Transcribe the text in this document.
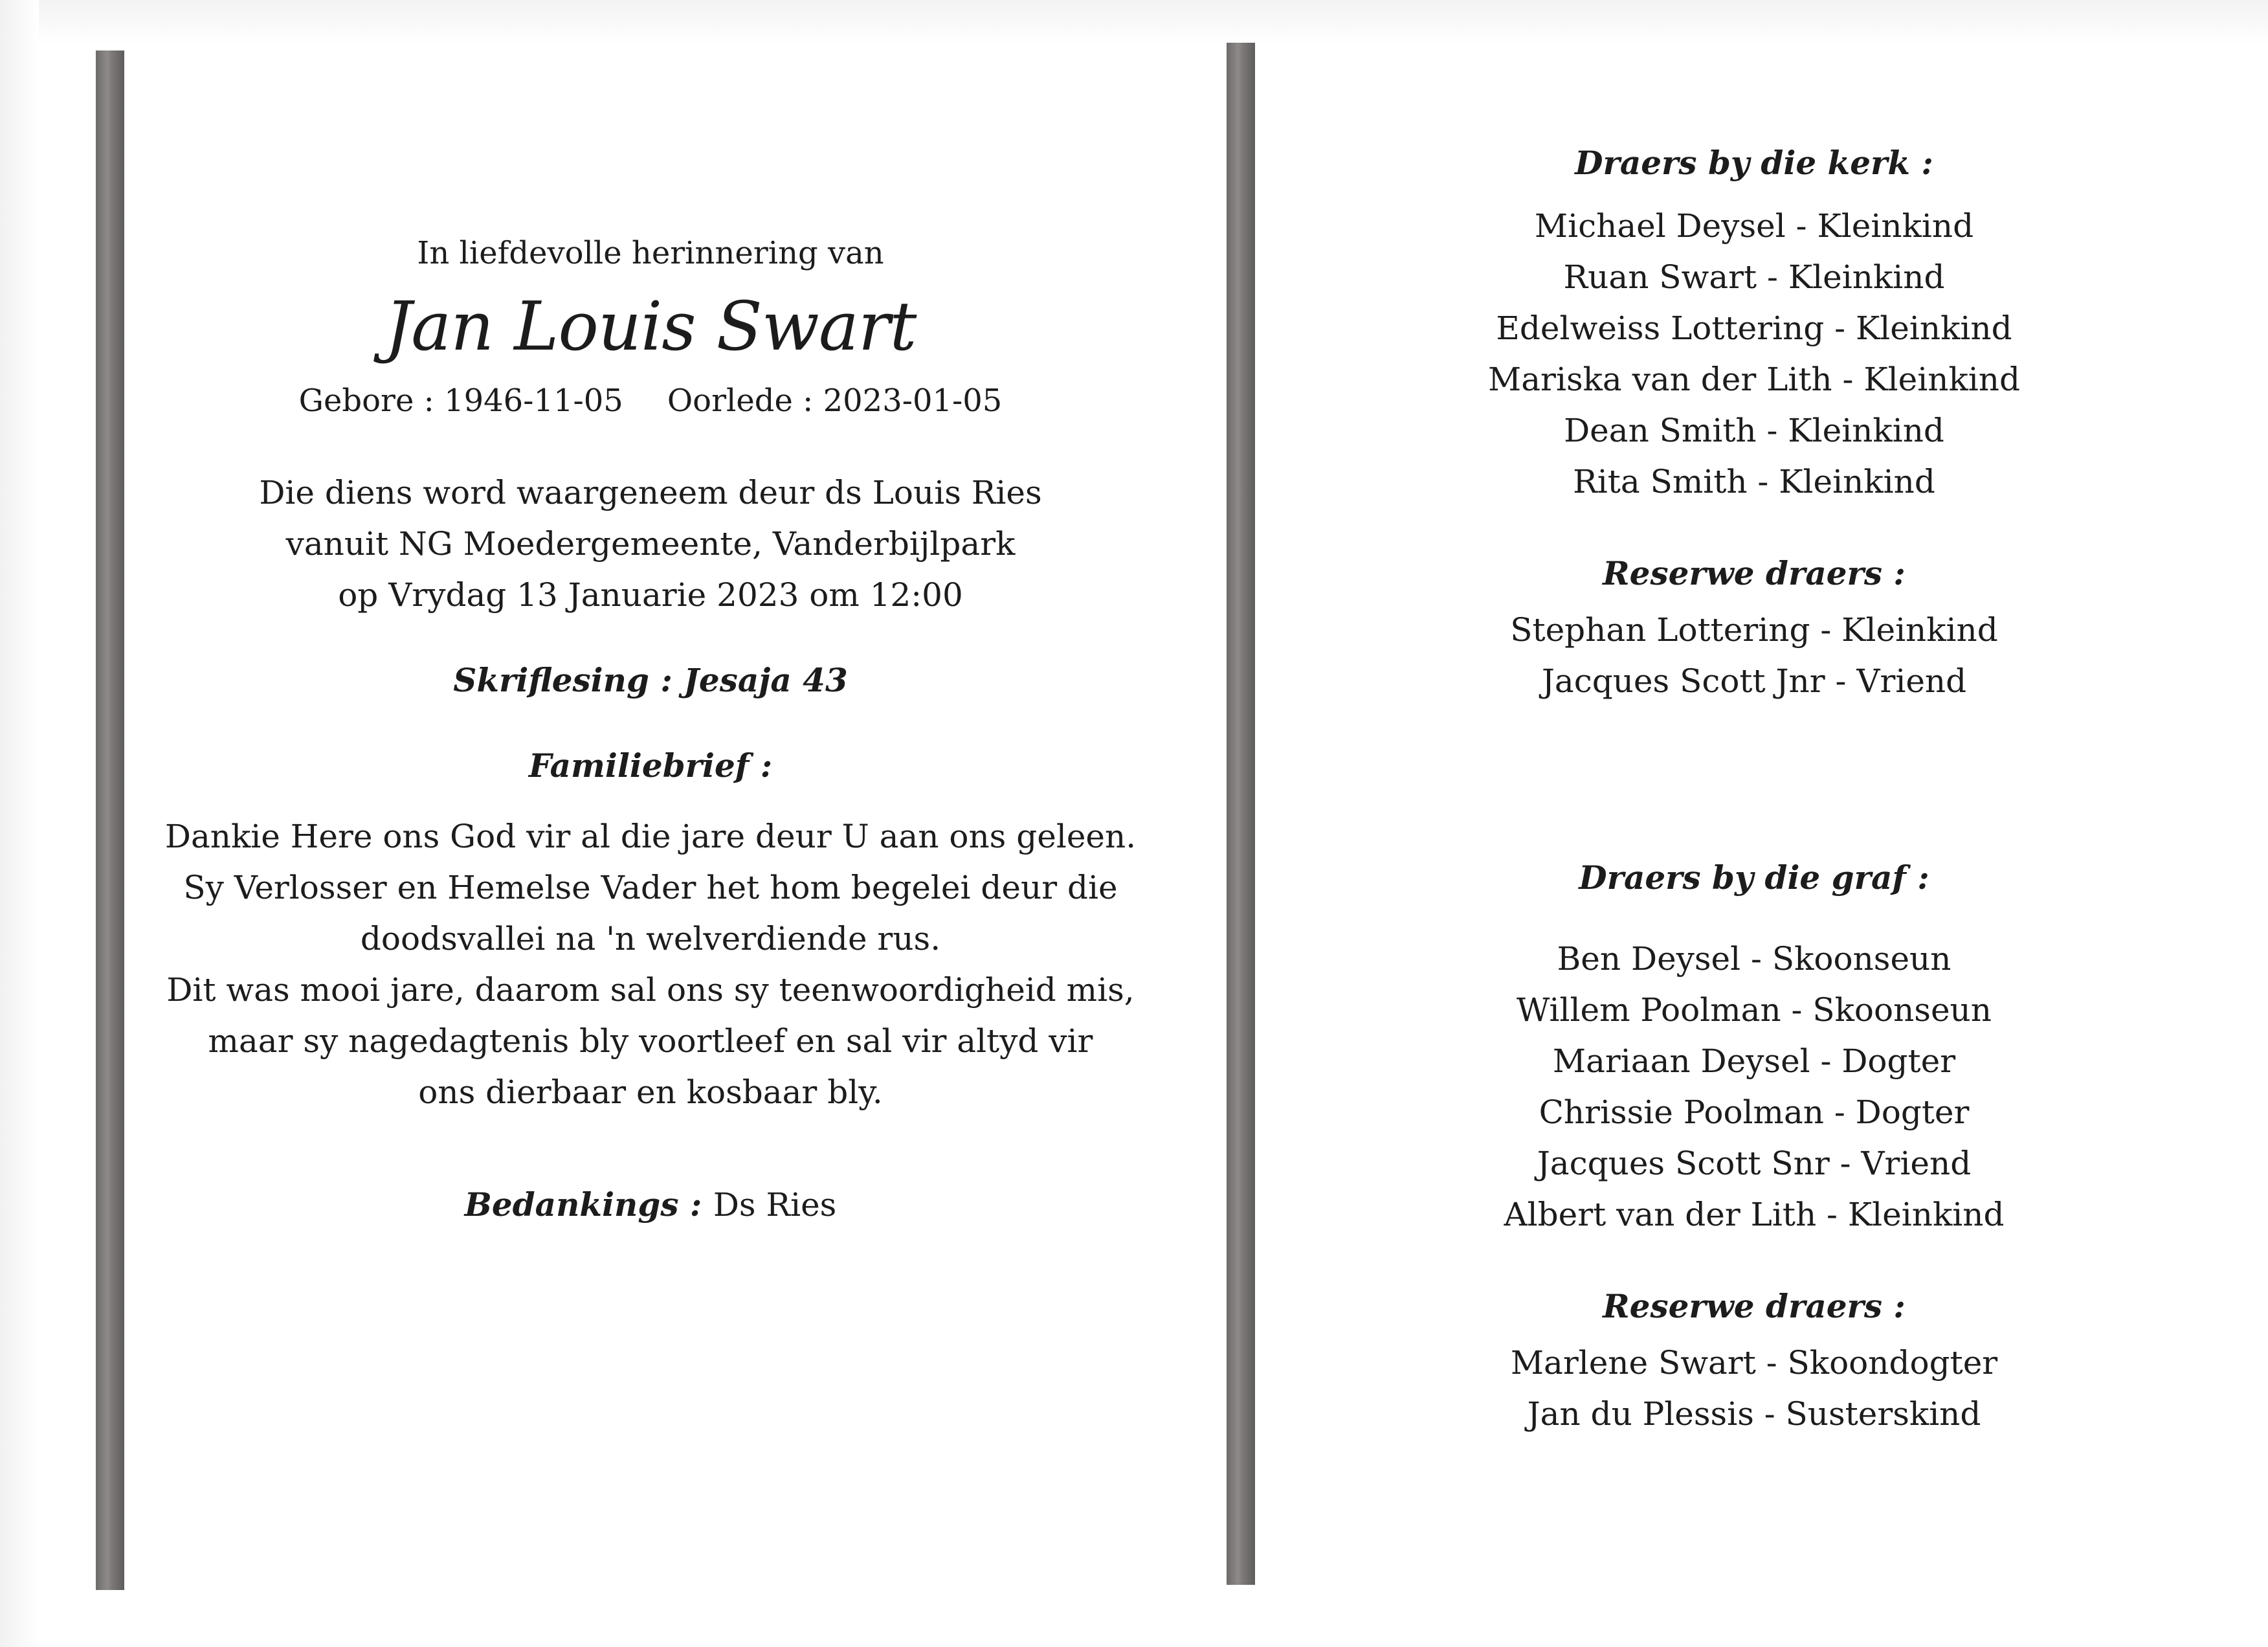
In liefdevolle herinnering van
Jan Louis Swart
Gebore : 1946-11-05 Oorlede : 2023-01-05
Die diens word waargeneem deur ds Louis Ries
vanuit NG Moedergemeente, Vanderbijlpark
op Vrydag 13 Januarie 2023 om 12:00
Skriflesing : Jesaja 43
Familiebrief :
Dankie Here ons God vir al die jare deur U aan ons geleen.
Sy Verlosser en Hemelse Vader het hom begelei deur die
doodsvallei na 'n welverdiende rus.
Dit was mooi jare, daarom sal ons sy teenwoordigheid mis,
maar sy nagedagtenis bly voortleef en sal vir altyd vir
ons dierbaar en kosbaar bly.
Bedankings : Ds Ries
Draers by die kerk :
Michael Deysel - Kleinkind
Ruan Swart - Kleinkind
Edelweiss Lottering - Kleinkind
Mariska van der Lith - Kleinkind
Dean Smith - Kleinkind
Rita Smith - Kleinkind
Reserwe draers :
Stephan Lottering - Kleinkind
Jacques Scott Jnr - Vriend
Draers by die graf :
Ben Deysel - Skoonseun
Willem Poolman - Skoonseun
Mariaan Deysel - Dogter
Chrissie Poolman - Dogter
Jacques Scott Snr - Vriend
Albert van der Lith - Kleinkind
Reserwe draers :
Marlene Swart - Skoondogter
Jan du Plessis - Susterskind
